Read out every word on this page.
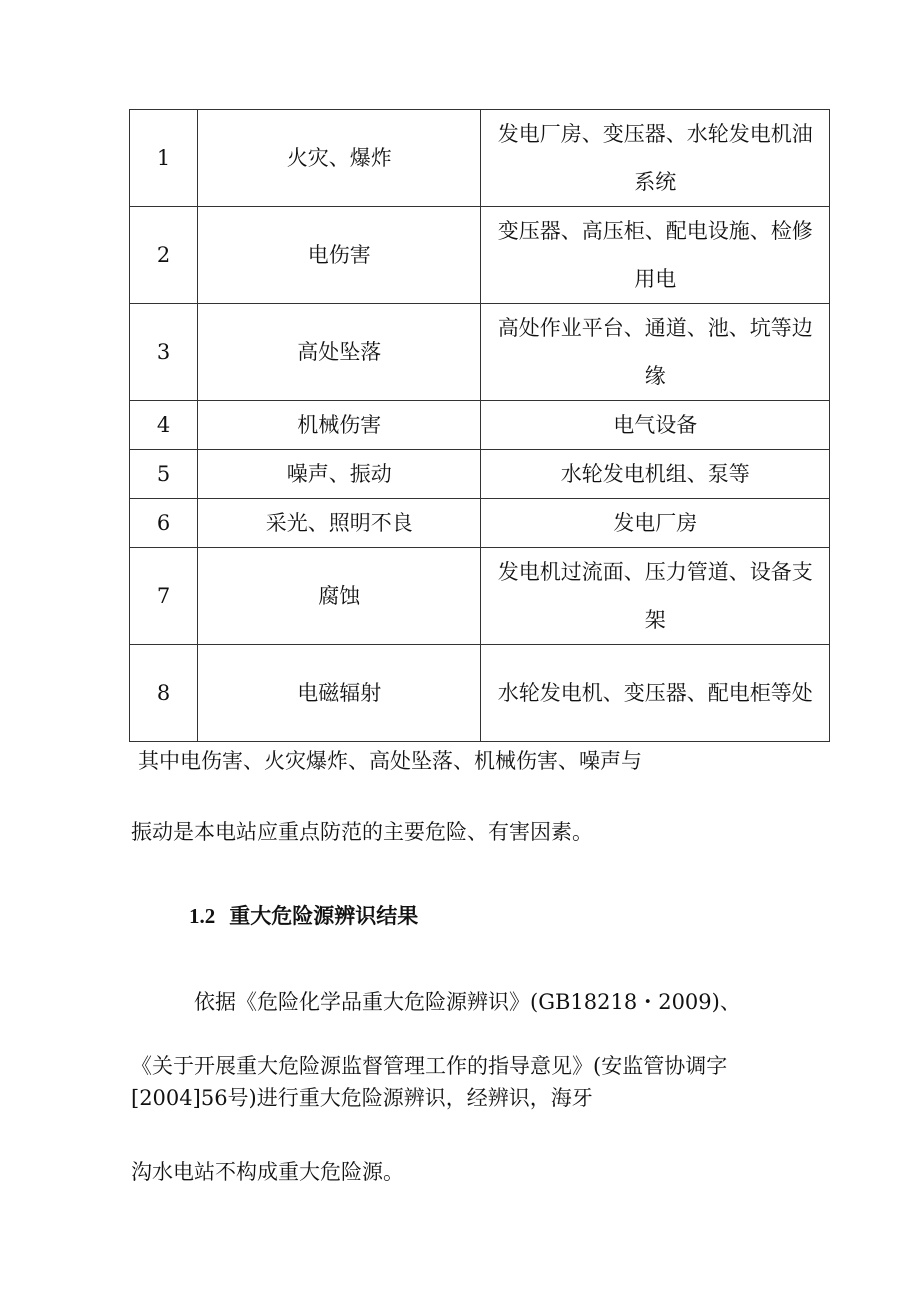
1	火灾、爆炸	发电厂房、变压器、水轮发电机油系统
2	电伤害	变压器、高压柜、配电设施、检修用电
3	高处坠落	高处作业平台、通道、池、坑等边缘
4	机械伤害	电气设备
5	噪声、振动	水轮发电机组、泵等
6	采光、照明不良	发电厂房
7	腐蚀	发电机过流面、压力管道、设备支架
8	电磁辐射	水轮发电机、变压器、配电柜等处

其中电伤害、火灾爆炸、高处坠落、机械伤害、噪声与

振动是本电站应重点防范的主要危险、有害因素。

1.2 重大危险源辨识结果

依据《危险化学品重大危险源辨识》(GB18218・2009)、

《关于开展重大危险源监督管理工作的指导意见》(安监管协调字

[2004]56号)进行重大危险源辨识，经辨识，海牙

沟水电站不构成重大危险源。
